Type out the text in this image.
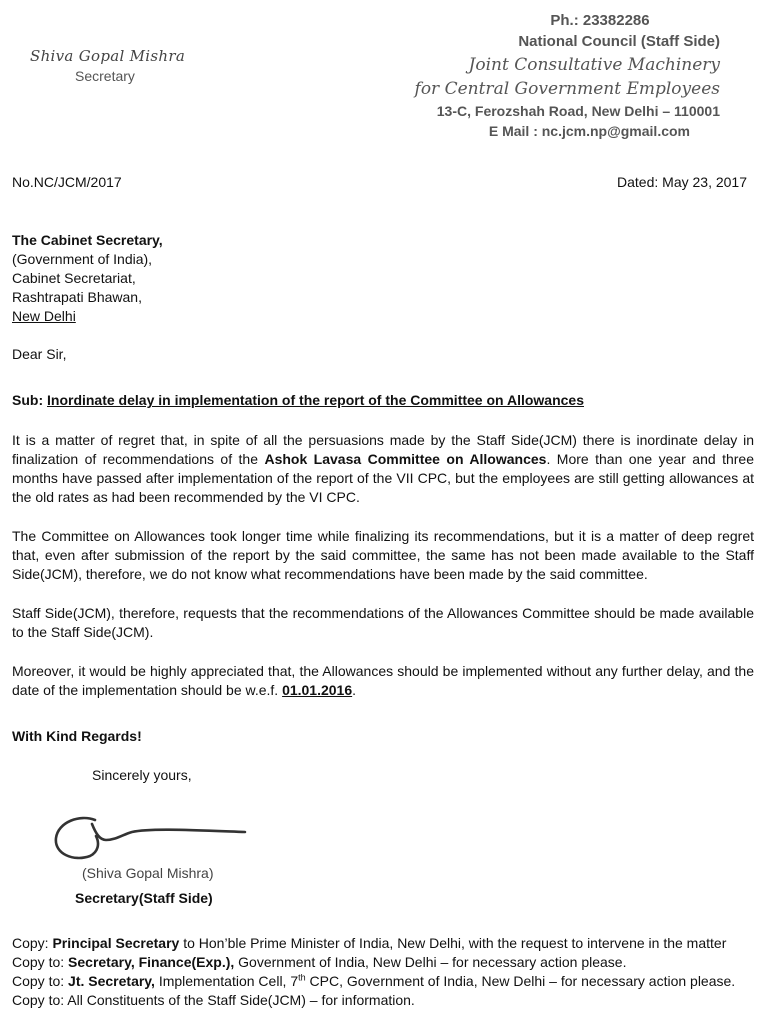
Shiva Gopal Mishra
Secretary
Ph.: 23382286
National Council (Staff Side)
Joint Consultative Machinery
for Central Government Employees
13-C, Ferozshah Road, New Delhi – 110001
E Mail : nc.jcm.np@gmail.com
No.NC/JCM/2017	Dated: May 23, 2017
The Cabinet Secretary,
(Government of India),
Cabinet Secretariat,
Rashtrapati Bhawan,
New Delhi
Dear Sir,
Sub: Inordinate delay in implementation of the report of the Committee on Allowances
It is a matter of regret that, in spite of all the persuasions made by the Staff Side(JCM) there is inordinate delay in finalization of recommendations of the Ashok Lavasa Committee on Allowances. More than one year and three months have passed after implementation of the report of the VII CPC, but the employees are still getting allowances at the old rates as had been recommended by the VI CPC.
The Committee on Allowances took longer time while finalizing its recommendations, but it is a matter of deep regret that, even after submission of the report by the said committee, the same has not been made available to the Staff Side(JCM), therefore, we do not know what recommendations have been made by the said committee.
Staff Side(JCM), therefore, requests that the recommendations of the Allowances Committee should be made available to the Staff Side(JCM).
Moreover, it would be highly appreciated that, the Allowances should be implemented without any further delay, and the date of the implementation should be w.e.f. 01.01.2016.
With Kind Regards!
Sincerely yours,
(Shiva Gopal Mishra)
Secretary(Staff Side)
Copy: Principal Secretary to Hon’ble Prime Minister of India, New Delhi, with the request to intervene in the matter
Copy to: Secretary, Finance(Exp.), Government of India, New Delhi – for necessary action please.
Copy to: Jt. Secretary, Implementation Cell, 7th CPC, Government of India, New Delhi – for necessary action please.
Copy to: All Constituents of the Staff Side(JCM) – for information.
